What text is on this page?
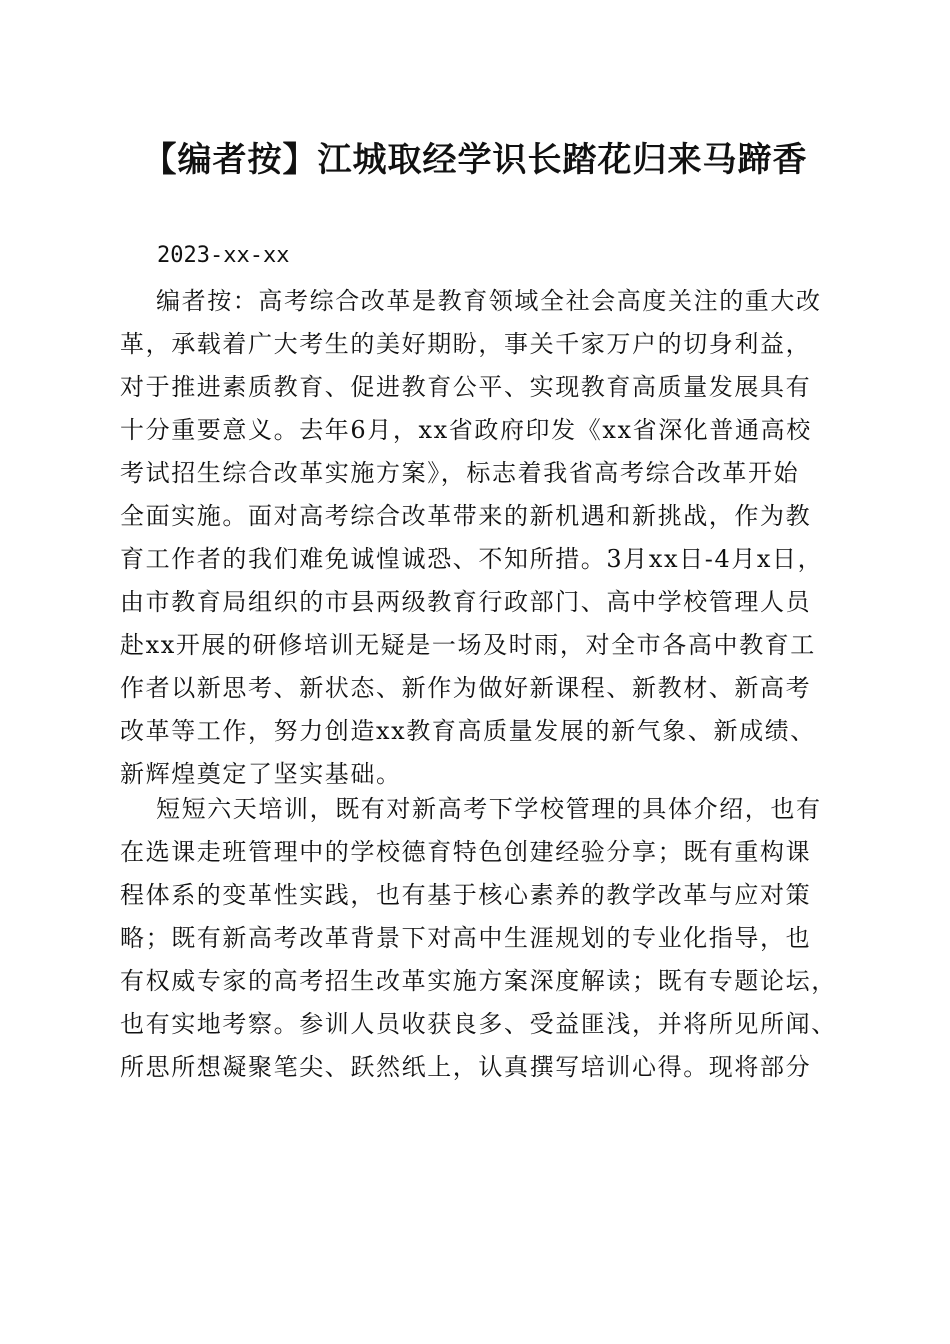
【编者按】江城取经学识长踏花归来马蹄香
2023-xx-xx
编者按：高考综合改革是教育领域全社会高度关注的重大改
革，承载着广大考生的美好期盼，事关千家万户的切身利益，
对于推进素质教育、促进教育公平、实现教育高质量发展具有
十分重要意义。去年6月，xx省政府印发《xx省深化普通高校
考试招生综合改革实施方案》，标志着我省高考综合改革开始
全面实施。面对高考综合改革带来的新机遇和新挑战，作为教
育工作者的我们难免诚惶诚恐、不知所措。3月xx日-4月x日，
由市教育局组织的市县两级教育行政部门、高中学校管理人员
赴xx开展的研修培训无疑是一场及时雨，对全市各高中教育工
作者以新思考、新状态、新作为做好新课程、新教材、新高考
改革等工作，努力创造xx教育高质量发展的新气象、新成绩、
新辉煌奠定了坚实基础。
短短六天培训，既有对新高考下学校管理的具体介绍，也有
在选课走班管理中的学校德育特色创建经验分享；既有重构课
程体系的变革性实践，也有基于核心素养的教学改革与应对策
略；既有新高考改革背景下对高中生涯规划的专业化指导，也
有权威专家的高考招生改革实施方案深度解读；既有专题论坛，
也有实地考察。参训人员收获良多、受益匪浅，并将所见所闻、
所思所想凝聚笔尖、跃然纸上，认真撰写培训心得。现将部分
